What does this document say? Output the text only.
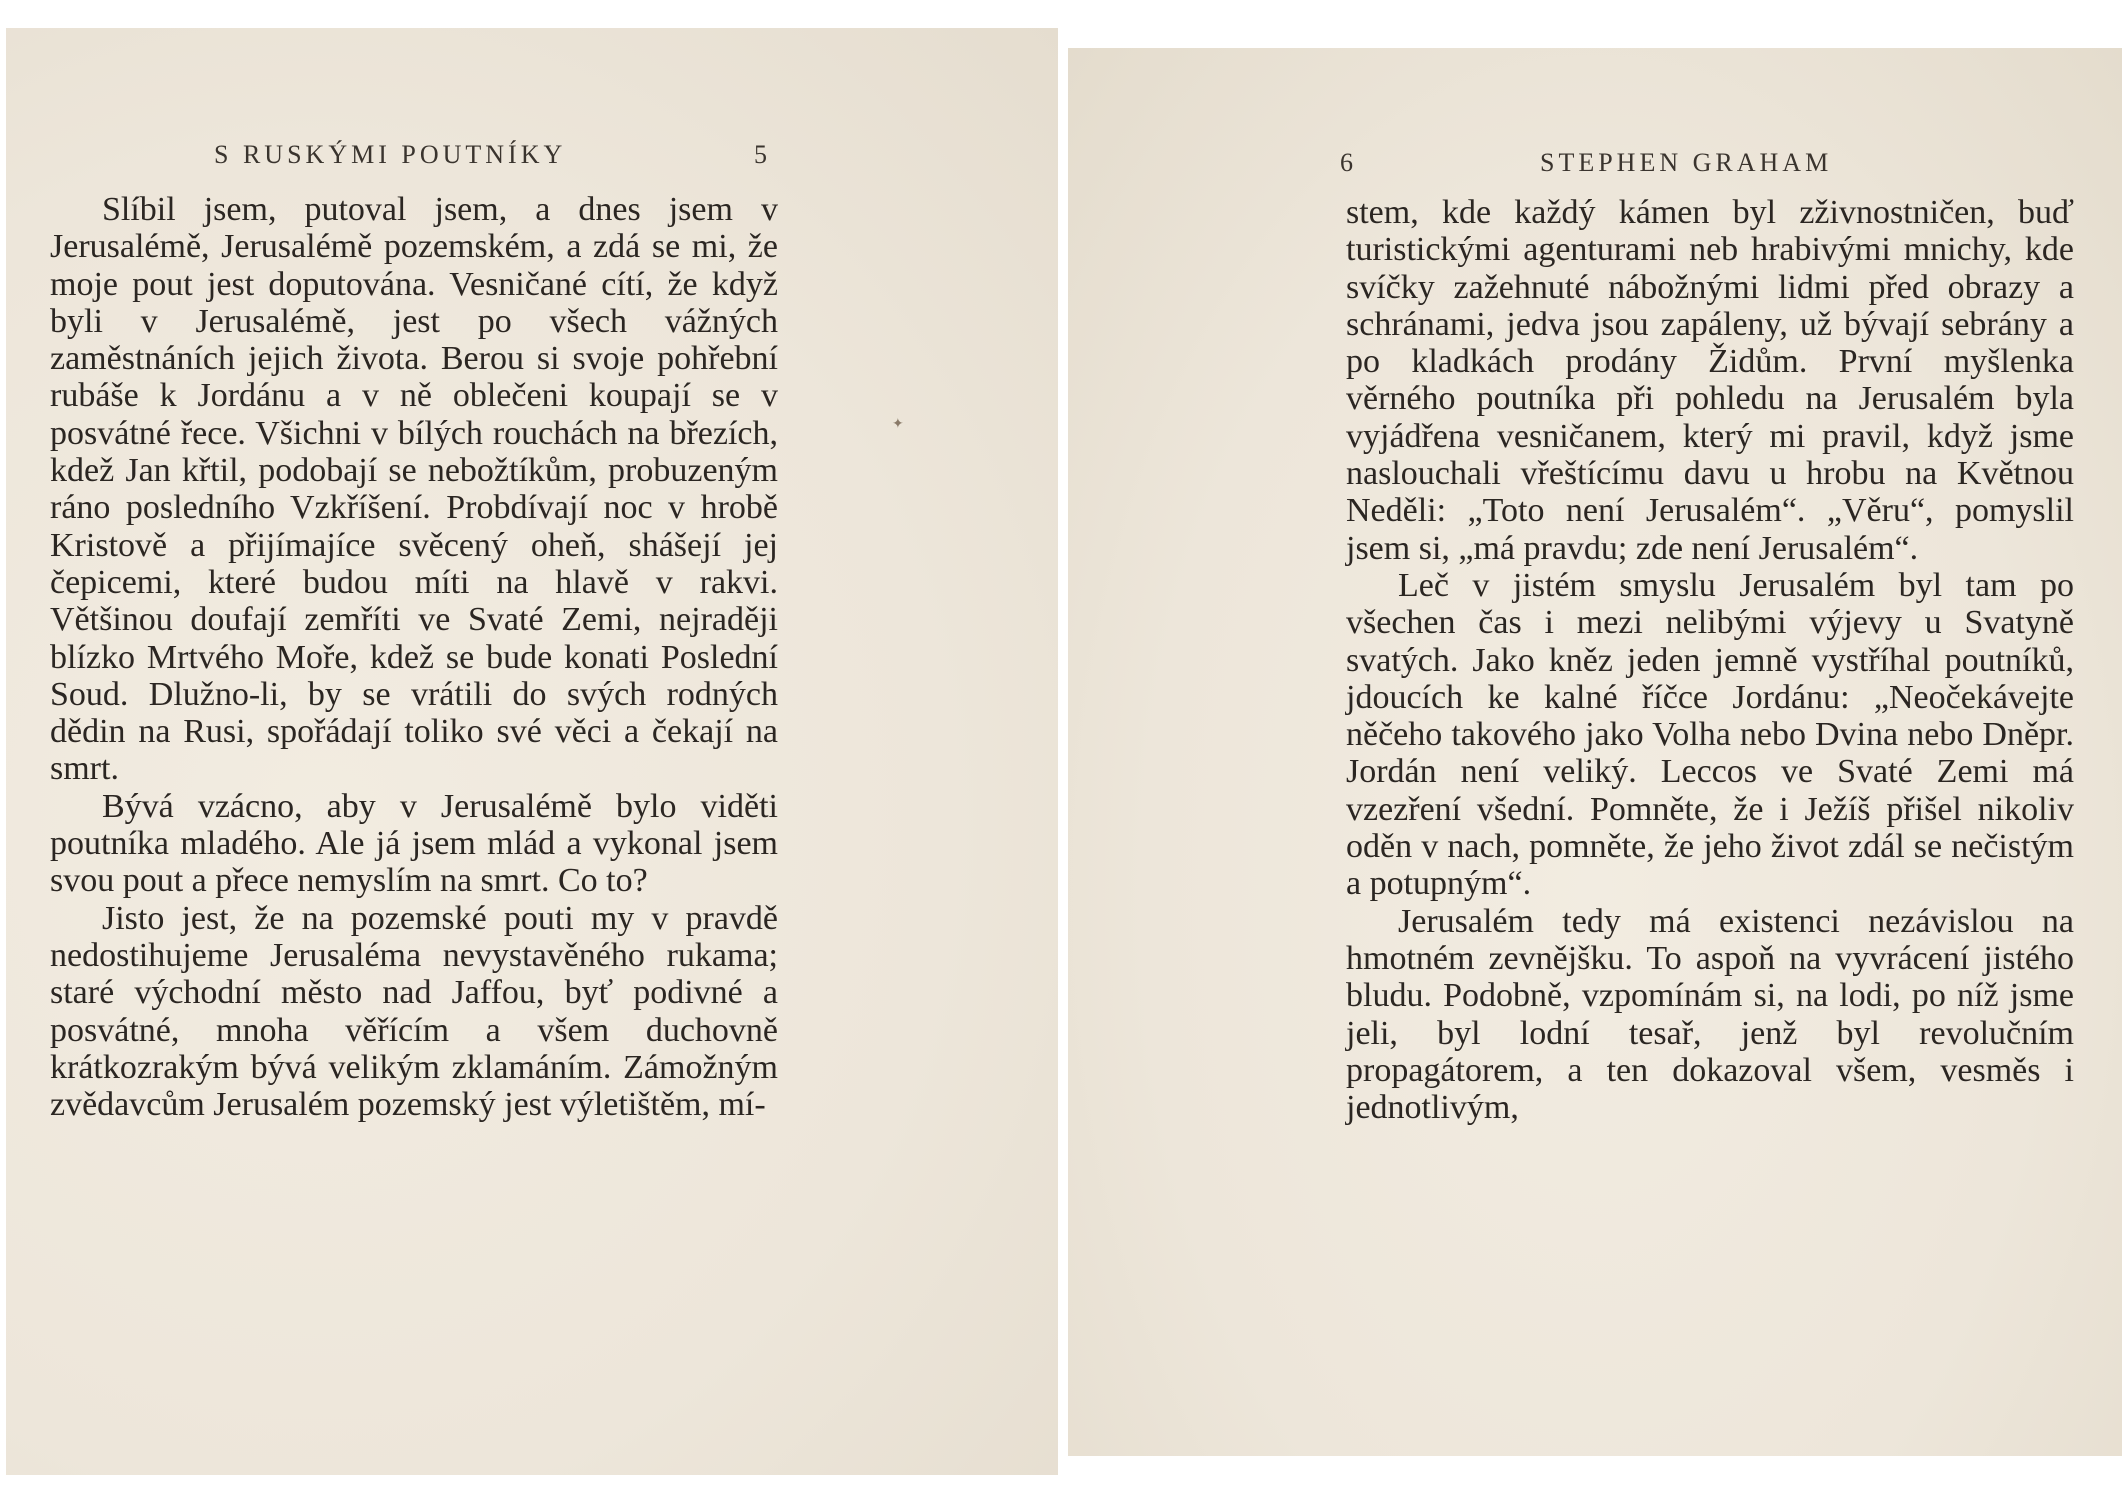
S RUSKÝMI POUTNÍKY	5

Slíbil jsem, putoval jsem, a dnes jsem v Jerusalémě, Jerusalémě pozemském, a zdá se mi, že moje pout jest doputována. Vesničané cítí, že když byli v Jerusalémě, jest po všech vážných zaměstnáních jejich života. Berou si svoje pohřební rubáše k Jordánu a v ně oblečeni koupají se v posvátné řece. Všichni v bílých rouchách na březích, kdež Jan křtil, podobají se nebožtíkům, probuzeným ráno posledního Vzkříšení. Probdívají noc v hrobě Kristově a přijímajíce svěcený oheň, shášejí jej čepicemi, které budou míti na hlavě v rakvi. Většinou doufají zemříti ve Svaté Zemi, nejraději blízko Mrtvého Moře, kdež se bude konati Poslední Soud. Dlužno-li, by se vrátili do svých rodných dědin na Rusi, spořádají toliko své věci a čekají na smrt.

Bývá vzácno, aby v Jerusalémě bylo viděti poutníka mladého. Ale já jsem mlád a vykonal jsem svou pout a přece nemyslím na smrt. Co to?

Jisto jest, že na pozemské pouti my v pravdě nedostihujeme Jerusaléma nevystavěného rukama; staré východní město nad Jaffou, byť podivné a posvátné, mnoha věřícím a všem duchovně krátkozrakým bývá velikým zklamáním. Zámožným zvědavcům Jerusalém pozemský jest výletištěm, mí-

✦
6	STEPHEN GRAHAM

stem, kde každý kámen byl zživnostničen, buď turistickými agenturami neb hrabivými mnichy, kde svíčky zažehnuté nábožnými lidmi před obrazy a schránami, jedva jsou zapáleny, už bývají sebrány a po kladkách prodány Židům. První myšlenka věrného poutníka při pohledu na Jerusalém byla vyjádřena vesničanem, který mi pravil, když jsme naslouchali vřeštícímu davu u hrobu na Květnou Neděli: „Toto není Jerusalém“. „Věru“, pomyslil jsem si, „má pravdu; zde není Jerusalém“.

Leč v jistém smyslu Jerusalém byl tam po všechen čas i mezi nelibými výjevy u Svatyně svatých. Jako kněz jeden jemně vystříhal poutníků, jdoucích ke kalné říčce Jordánu: „Neočekávejte něčeho takového jako Volha nebo Dvina nebo Dněpr. Jordán není veliký. Leccos ve Svaté Zemi má vzezření všední. Pomněte, že i Ježíš přišel nikoliv oděn v nach, pomněte, že jeho život zdál se nečistým a potupným“.

Jerusalém tedy má existenci nezávislou na hmotném zevnějšku. To aspoň na vyvrácení jistého bludu. Podobně, vzpomínám si, na lodi, po níž jsme jeli, byl lodní tesař, jenž byl revolučním propagátorem, a ten dokazoval všem, vesměs i jednotlivým,
